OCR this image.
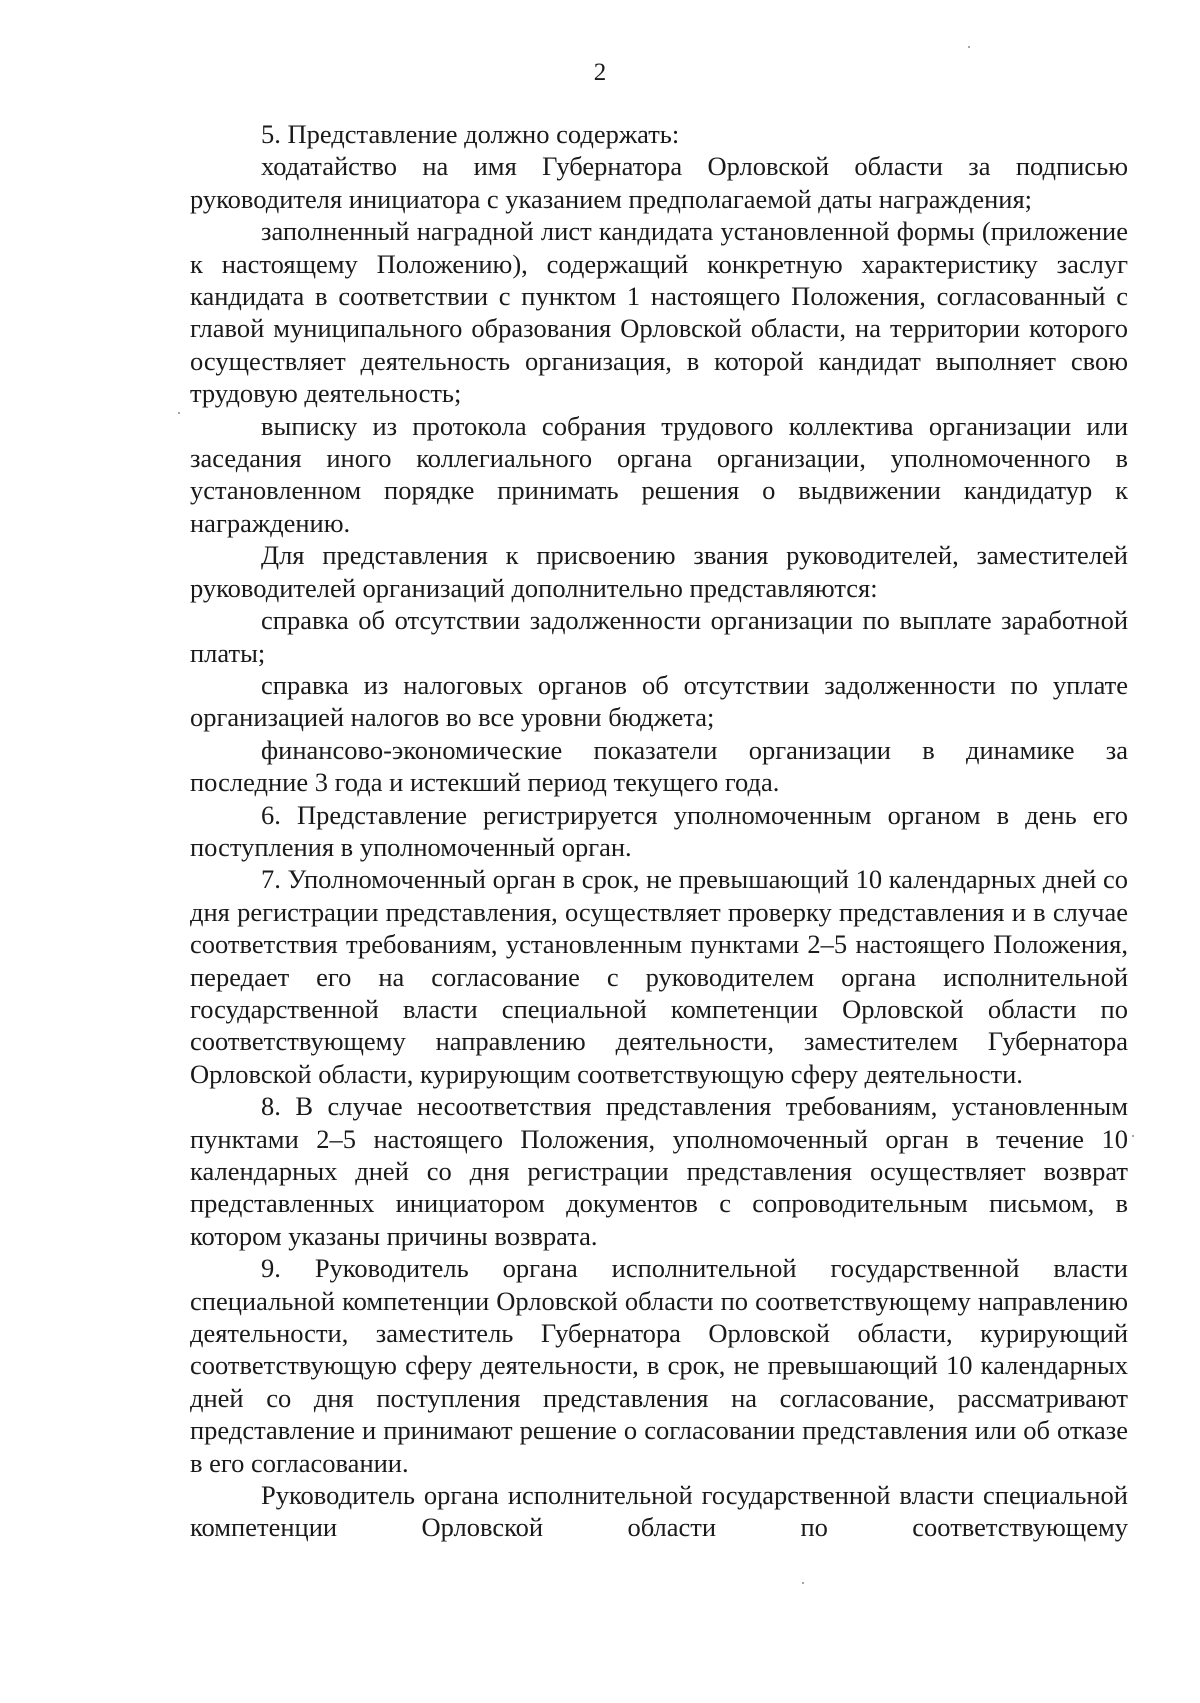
2

5. Представление должно содержать:

ходатайство на имя Губернатора Орловской области за подписью руководителя инициатора с указанием предполагаемой даты награждения;

заполненный наградной лист кандидата установленной формы (приложение к настоящему Положению), содержащий конкретную характеристику заслуг кандидата в соответствии с пунктом 1 настоящего Положения, согласованный с главой муниципального образования Орловской области, на территории которого осуществляет деятельность организация, в которой кандидат выполняет свою трудовую деятельность;

выписку из протокола собрания трудового коллектива организации или заседания иного коллегиального органа организации, уполномоченного в установленном порядке принимать решения о выдвижении кандидатур к награждению.

Для представления к присвоению звания руководителей, заместителей руководителей организаций дополнительно представляются:

справка об отсутствии задолженности организации по выплате заработной платы;

справка из налоговых органов об отсутствии задолженности по уплате организацией налогов во все уровни бюджета;

финансово-экономические показатели организации в динамике за последние 3 года и истекший период текущего года.

6. Представление регистрируется уполномоченным органом в день его поступления в уполномоченный орган.

7. Уполномоченный орган в срок, не превышающий 10 календарных дней со дня регистрации представления, осуществляет проверку представления и в случае соответствия требованиям, установленным пунктами 2–5 настоящего Положения, передает его на согласование с руководителем органа исполнительной государственной власти специальной компетенции Орловской области по соответствующему направлению деятельности, заместителем Губернатора Орловской области, курирующим соответствующую сферу деятельности.

8. В случае несоответствия представления требованиям, установленным пунктами 2–5 настоящего Положения, уполномоченный орган в течение 10 календарных дней со дня регистрации представления осуществляет возврат представленных инициатором документов с сопроводительным письмом, в котором указаны причины возврата.

9. Руководитель органа исполнительной государственной власти специальной компетенции Орловской области по соответствующему направлению деятельности, заместитель Губернатора Орловской области, курирующий соответствующую сферу деятельности, в срок, не превышающий 10 календарных дней со дня поступления представления на согласование, рассматривают представление и принимают решение о согласовании представления или об отказе в его согласовании.

Руководитель органа исполнительной государственной власти специальной компетенции Орловской области по соответствующему
